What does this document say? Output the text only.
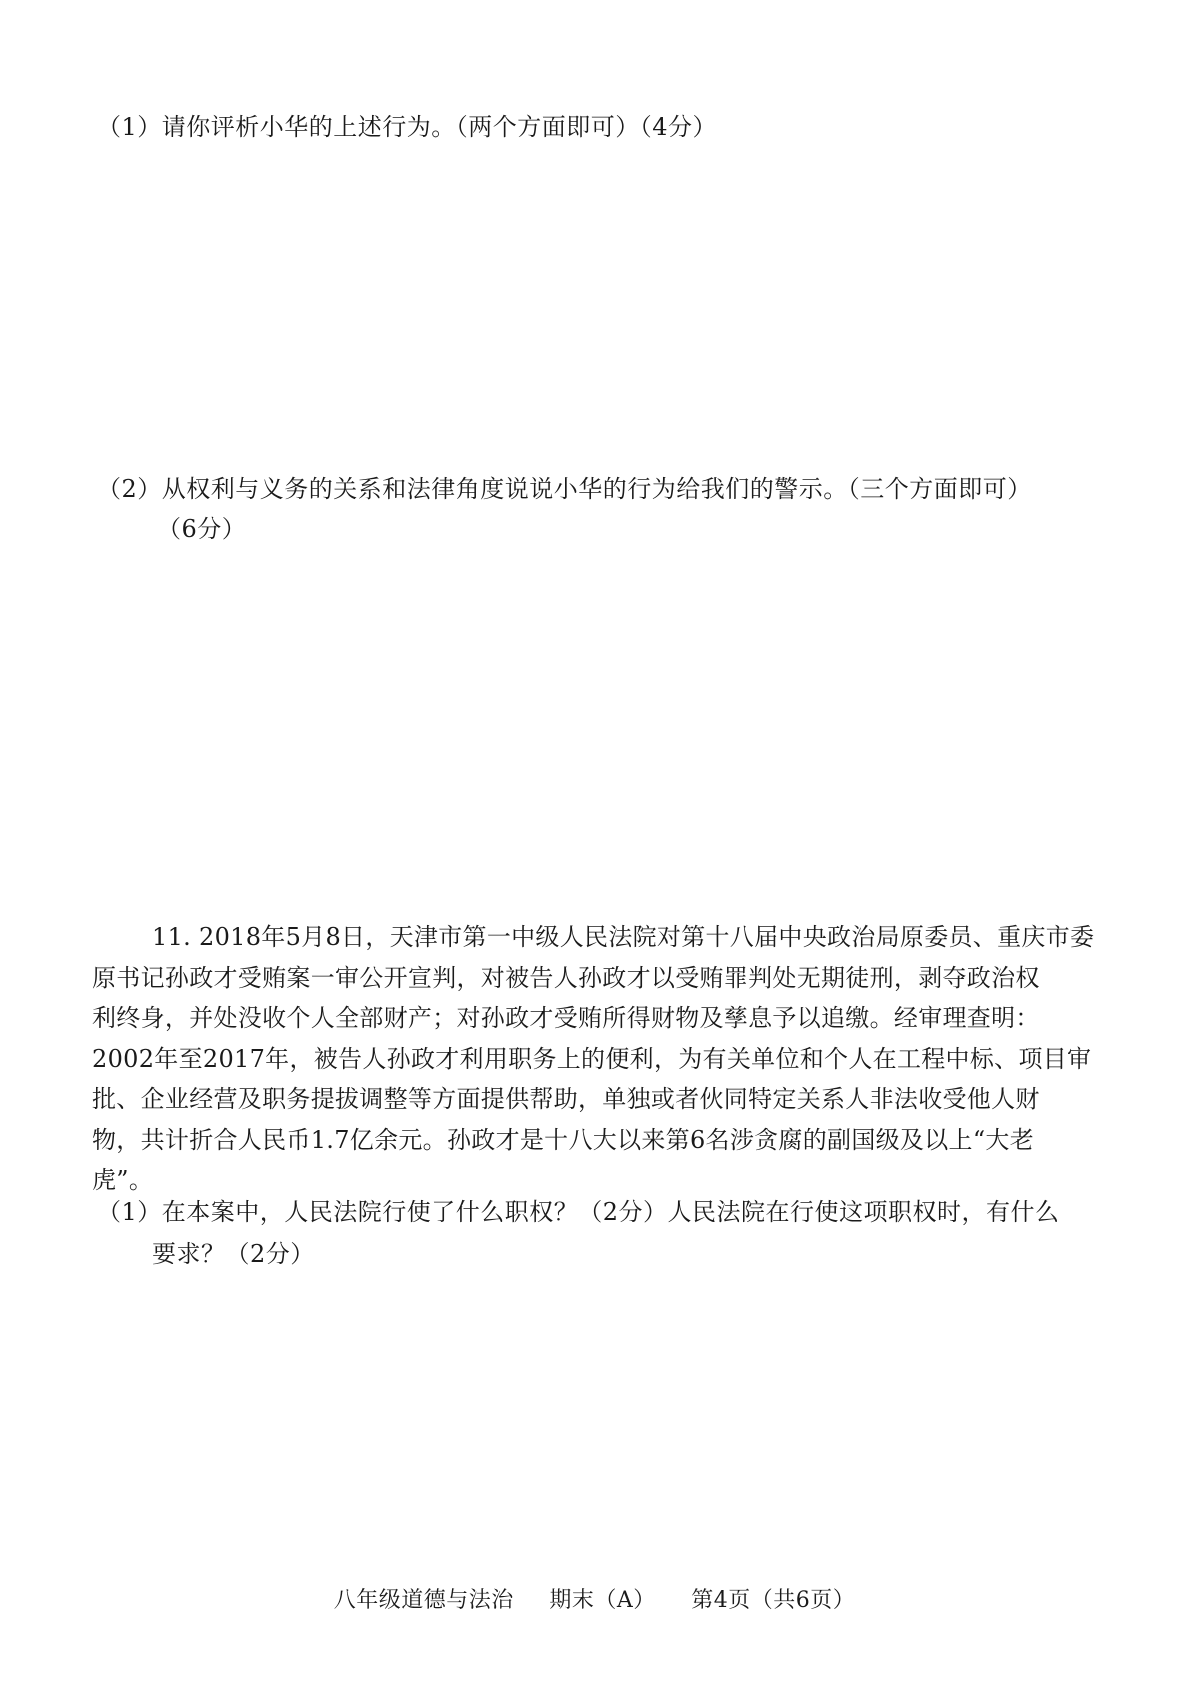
（1）请你评析小华的上述行为。（两个方面即可）（4分）
（2）从权利与义务的关系和法律角度说说小华的行为给我们的警示。（三个方面即可）
（6分）
11. 2018年5月8日，天津市第一中级人民法院对第十八届中央政治局原委员、重庆市委
原书记孙政才受贿案一审公开宣判，对被告人孙政才以受贿罪判处无期徒刑，剥夺政治权
利终身，并处没收个人全部财产；对孙政才受贿所得财物及孳息予以追缴。经审理查明：
2002年至2017年，被告人孙政才利用职务上的便利，为有关单位和个人在工程中标、项目审
批、企业经营及职务提拔调整等方面提供帮助，单独或者伙同特定关系人非法收受他人财
物，共计折合人民币1.7亿余元。孙政才是十八大以来第6名涉贪腐的副国级及以上“大老
虎”。
（1）在本案中，人民法院行使了什么职权？（2分）人民法院在行使这项职权时，有什么
要求？（2分）
八年级道德与法治 期末（A） 第4页（共6页）
